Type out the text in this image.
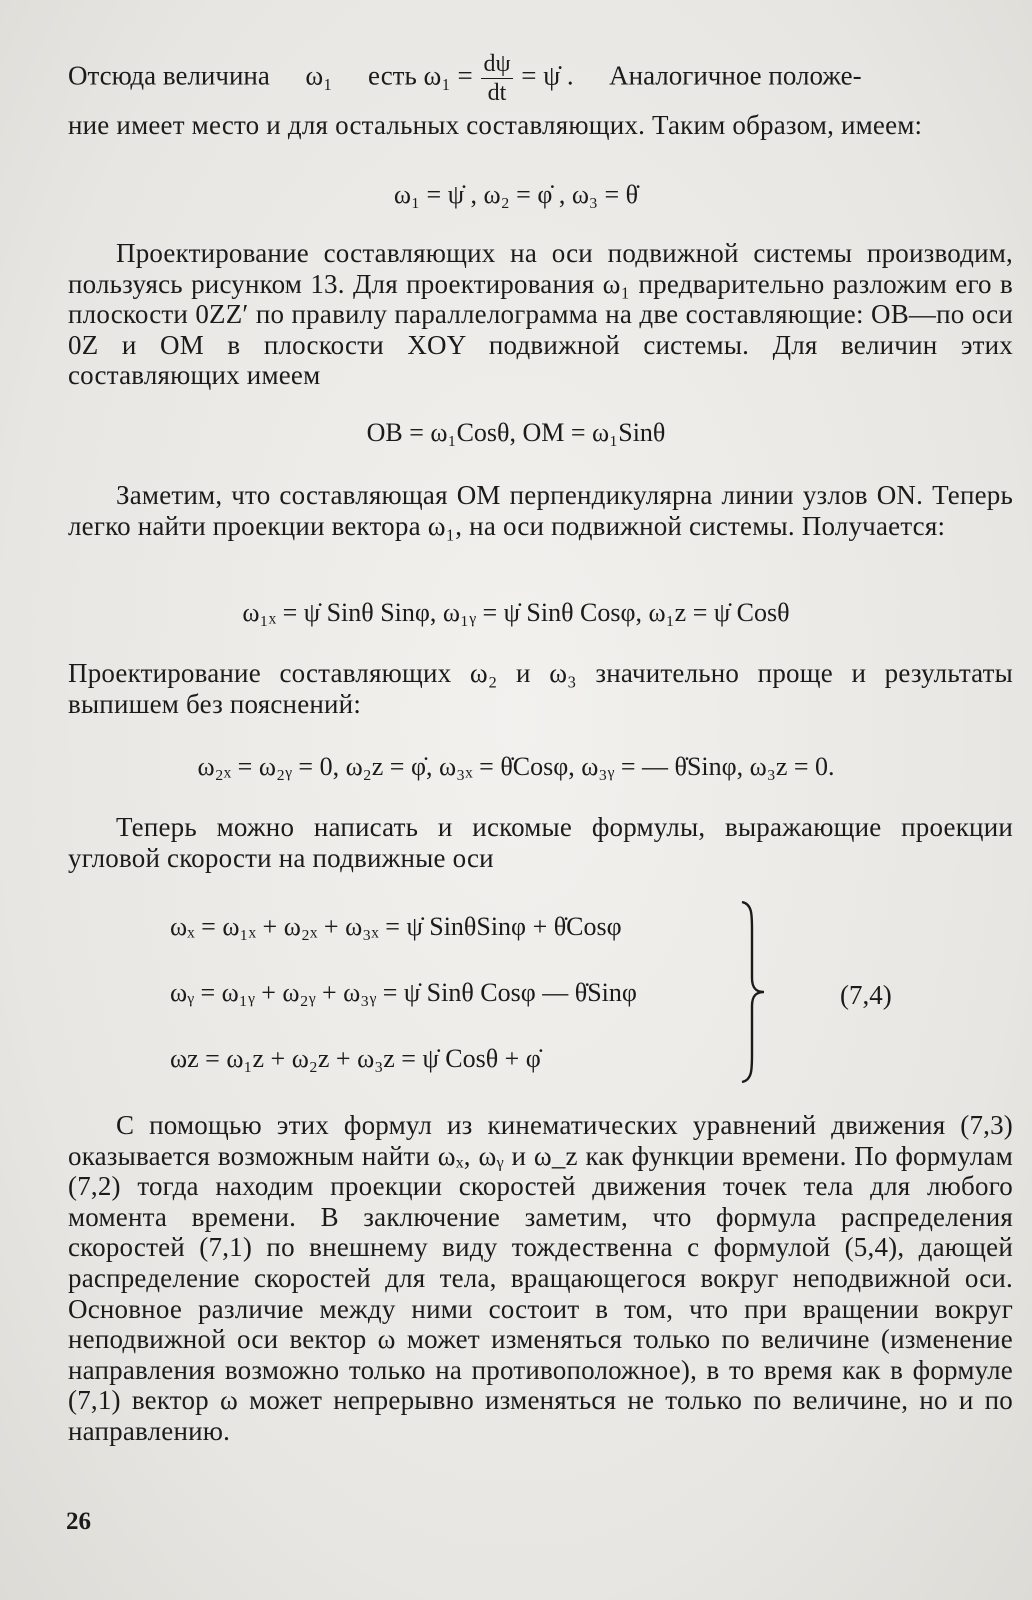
Отсюда величина ω₁ есть $\omega_1 = \frac{d\psi}{dt}$ = ψ̇ . Аналогичное положе-

ние имеет место и для остальных составляющих. Таким образом, имеем:

ω₁ = ψ̇ , ω₂ = φ̇ , ω₃ = θ̇

Проектирование составляющих на оси подвижной системы производим, пользуясь рисунком 13. Для проектирования ω₁ предварительно разложим его в плоскости 0ZZ′ по правилу параллелограмма на две составляющие: OB—по оси 0Z и OM в плоскости XOY подвижной системы. Для величин этих составляющих имеем

OB = ω₁Cosθ, OM = ω₁Sinθ

Заметим, что составляющая OM перпендикулярна линии узлов ON. Теперь легко найти проекции вектора ω₁, на оси подвижной системы. Получается:

ω₁ₓ = ψ̇ Sinθ Sinφ, ω₁ᵧ = ψ̇ Sinθ Cosφ, ω₁z = ψ̇ Cosθ

Проектирование составляющих ω₂ и ω₃ значительно проще и результаты выпишем без пояснений:

ω₂ₓ = ω₂ᵧ = 0, ω₂z = φ̇, ω₃ₓ = θ̇Cosφ, ω₃ᵧ = — θ̇Sinφ, ω₃z = 0.

Теперь можно написать и искомые формулы, выражающие проекции угловой скорости на подвижные оси

ωₓ = ω₁ₓ + ω₂ₓ + ω₃ₓ = ψ̇ SinθSinφ + θ̇Cosφ
ωᵧ = ω₁ᵧ + ω₂ᵧ + ω₃ᵧ = ψ̇ Sinθ Cosφ — θ̇Sinφ
ωz = ω₁z + ω₂z + ω₃z = ψ̇ Cosθ + φ̇
(7,4)

С помощью этих формул из кинематических уравнений движения (7,3) оказывается возможным найти ωₓ, ωᵧ и ω_z как функции времени. По формулам (7,2) тогда находим проекции скоростей движения точек тела для любого момента времени. В заключение заметим, что формула распределения скоростей (7,1) по внешнему виду тождественна с формулой (5,4), дающей распределение скоростей для тела, вращающегося вокруг неподвижной оси. Основное различие между ними состоит в том, что при вращении вокруг неподвижной оси вектор ω может изменяться только по величине (изменение направления возможно только на противоположное), в то время как в формуле (7,1) вектор ω может непрерывно изменяться не только по величине, но и по направлению.

26
